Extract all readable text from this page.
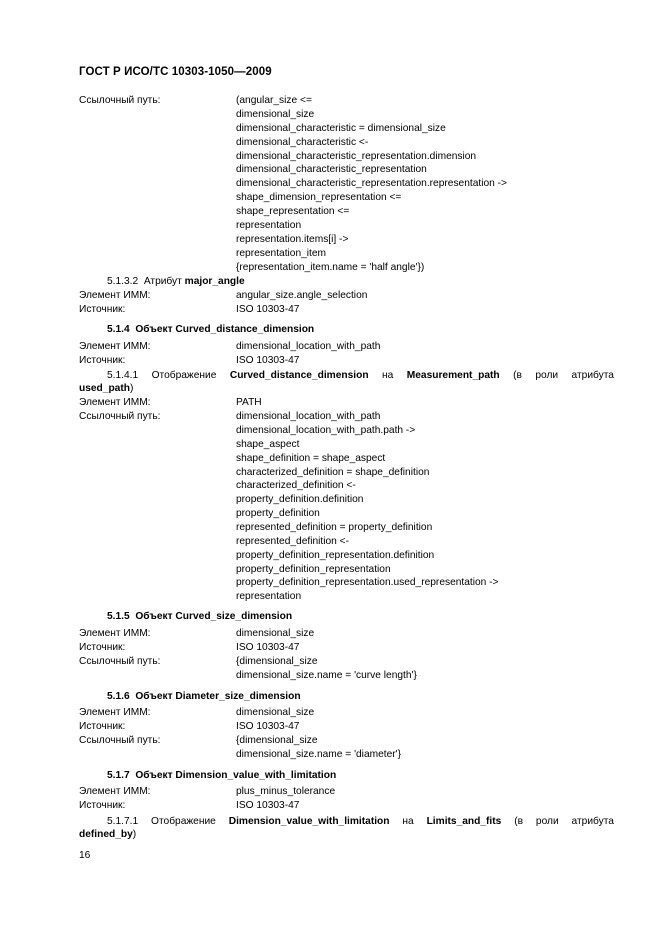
ГОСТ Р ИСО/ТС 10303-1050—2009
Ссылочный путь:	(angular_size <=
dimensional_size
dimensional_characteristic = dimensional_size
dimensional_characteristic <-
dimensional_characteristic_representation.dimension
dimensional_characteristic_representation
dimensional_characteristic_representation.representation ->
shape_dimension_representation <=
shape_representation <=
representation
representation.items[i] ->
representation_item
{representation_item.name = 'half angle'})
5.1.3.2 Атрибут major_angle
Элемент ИММ:	angular_size.angle_selection
Источник:	ISO 10303-47
5.1.4 Объект Curved_distance_dimension
Элемент ИММ:	dimensional_location_with_path
Источник:	ISO 10303-47
5.1.4.1 Отображение Curved_distance_dimension на Measurement_path (в роли атрибута
used_path)
Элемент ИММ:	PATH
Ссылочный путь:	dimensional_location_with_path
dimensional_location_with_path.path ->
shape_aspect
shape_definition = shape_aspect
characterized_definition = shape_definition
characterized_definition <-
property_definition.definition
property_definition
represented_definition = property_definition
represented_definition <-
property_definition_representation.definition
property_definition_representation
property_definition_representation.used_representation ->
representation
5.1.5 Объект Curved_size_dimension
Элемент ИММ:	dimensional_size
Источник:	ISO 10303-47
Ссылочный путь:	{dimensional_size
dimensional_size.name = 'curve length'}
5.1.6 Объект Diameter_size_dimension
Элемент ИММ:	dimensional_size
Источник:	ISO 10303-47
Ссылочный путь:	{dimensional_size
dimensional_size.name = 'diameter'}
5.1.7 Объект Dimension_value_with_limitation
Элемент ИММ:	plus_minus_tolerance
Источник:	ISO 10303-47
5.1.7.1 Отображение Dimension_value_with_limitation на Limits_and_fits (в роли атрибута
defined_by)
16
